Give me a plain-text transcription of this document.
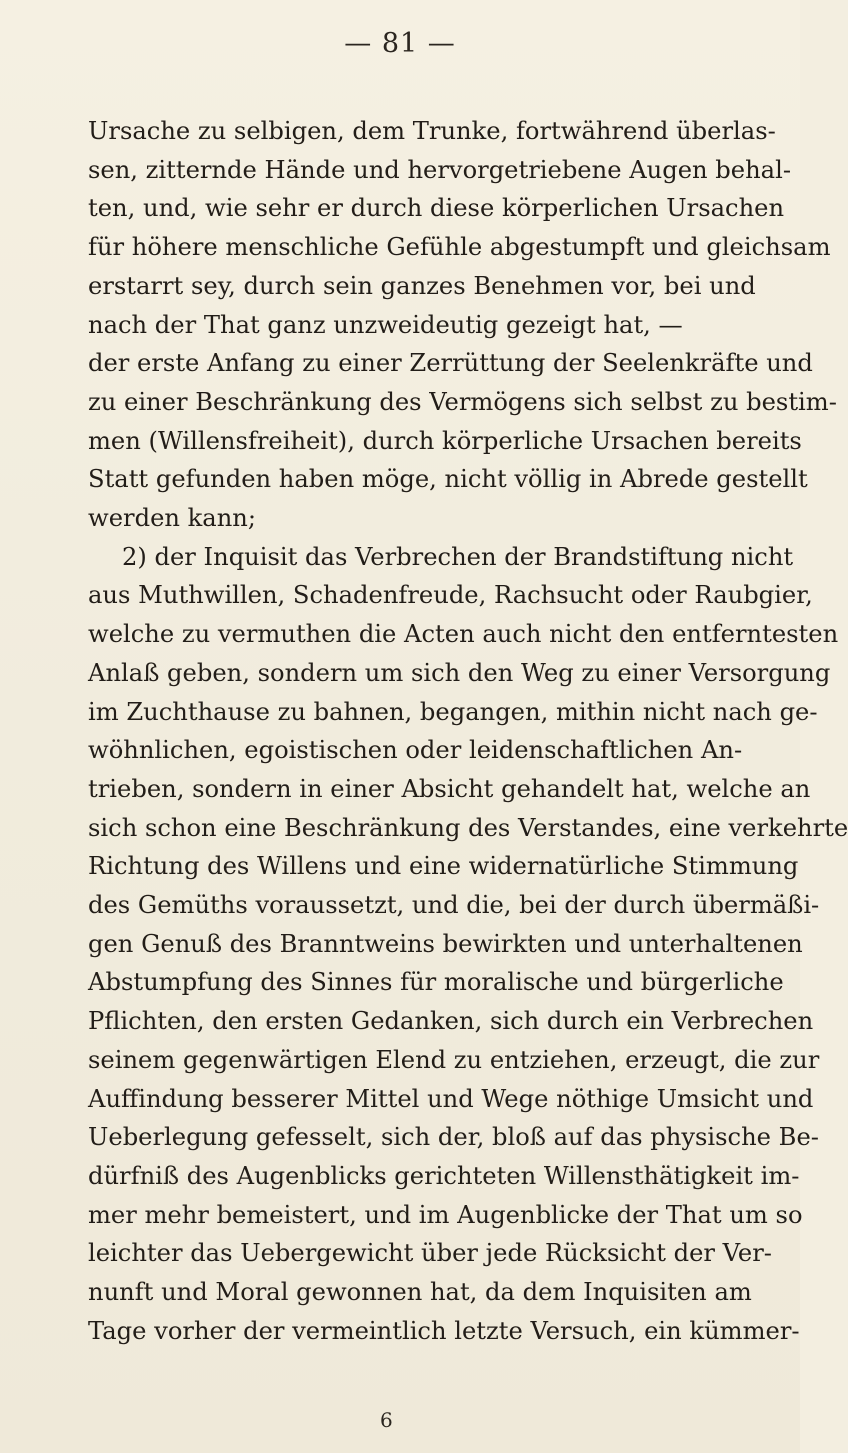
— 81 —
Ursache zu selbigen, dem Trunke, fortwährend überlas-
sen, zitternde Hände und hervorgetriebene Augen behal-
ten, und, wie sehr er durch diese körperlichen Ursachen
für höhere menschliche Gefühle abgestumpft und gleichsam
erstarrt sey, durch sein ganzes Benehmen vor, bei und
nach der That ganz unzweideutig gezeigt hat, —
der erste Anfang zu einer Zerrüttung der Seelenkräfte und
zu einer Beschränkung des Vermögens sich selbst zu bestim-
men (Willensfreiheit), durch körperliche Ursachen bereits
Statt gefunden haben möge, nicht völlig in Abrede gestellt
werden kann;
2) der Inquisit das Verbrechen der Brandstiftung nicht
aus Muthwillen, Schadenfreude, Rachsucht oder Raubgier,
welche zu vermuthen die Acten auch nicht den entferntesten
Anlaß geben, sondern um sich den Weg zu einer Versorgung
im Zuchthause zu bahnen, begangen, mithin nicht nach ge-
wöhnlichen, egoistischen oder leidenschaftlichen An-
trieben, sondern in einer Absicht gehandelt hat, welche an
sich schon eine Beschränkung des Verstandes, eine verkehrte
Richtung des Willens und eine widernatürliche Stimmung
des Gemüths voraussetzt, und die, bei der durch übermäßi-
gen Genuß des Branntweins bewirkten und unterhaltenen
Abstumpfung des Sinnes für moralische und bürgerliche
Pflichten, den ersten Gedanken, sich durch ein Verbrechen
seinem gegenwärtigen Elend zu entziehen, erzeugt, die zur
Auffindung besserer Mittel und Wege nöthige Umsicht und
Ueberlegung gefesselt, sich der, bloß auf das physische Be-
dürfniß des Augenblicks gerichteten Willensthätigkeit im-
mer mehr bemeistert, und im Augenblicke der That um so
leichter das Uebergewicht über jede Rücksicht der Ver-
nunft und Moral gewonnen hat, da dem Inquisiten am
Tage vorher der vermeintlich letzte Versuch, ein kümmer-
6
